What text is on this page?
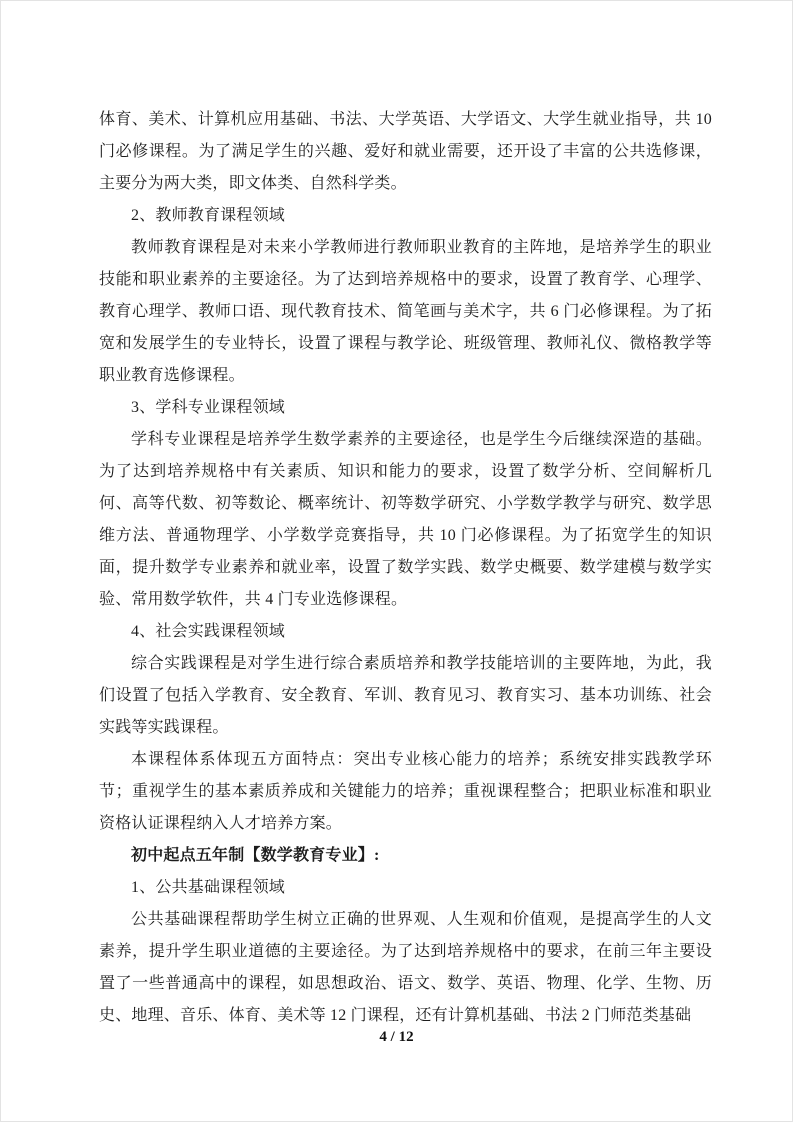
体育、美术、计算机应用基础、书法、大学英语、大学语文、大学生就业指导，共 10 门必修课程。为了满足学生的兴趣、爱好和就业需要，还开设了丰富的公共选修课，主要分为两大类，即文体类、自然科学类。

2、教师教育课程领域

教师教育课程是对未来小学教师进行教师职业教育的主阵地，是培养学生的职业技能和职业素养的主要途径。为了达到培养规格中的要求，设置了教育学、心理学、教育心理学、教师口语、现代教育技术、简笔画与美术字，共 6 门必修课程。为了拓宽和发展学生的专业特长，设置了课程与教学论、班级管理、教师礼仪、微格教学等职业教育选修课程。

3、学科专业课程领域

学科专业课程是培养学生数学素养的主要途径，也是学生今后继续深造的基础。为了达到培养规格中有关素质、知识和能力的要求，设置了数学分析、空间解析几何、高等代数、初等数论、概率统计、初等数学研究、小学数学教学与研究、数学思维方法、普通物理学、小学数学竞赛指导，共 10 门必修课程。为了拓宽学生的知识面，提升数学专业素养和就业率，设置了数学实践、数学史概要、数学建模与数学实验、常用数学软件，共 4 门专业选修课程。

4、社会实践课程领域

综合实践课程是对学生进行综合素质培养和教学技能培训的主要阵地，为此，我们设置了包括入学教育、安全教育、军训、教育见习、教育实习、基本功训练、社会实践等实践课程。

本课程体系体现五方面特点：突出专业核心能力的培养；系统安排实践教学环节；重视学生的基本素质养成和关键能力的培养；重视课程整合；把职业标准和职业资格认证课程纳入人才培养方案。

初中起点五年制【数学教育专业】:

1、公共基础课程领域

公共基础课程帮助学生树立正确的世界观、人生观和价值观，是提高学生的人文素养，提升学生职业道德的主要途径。为了达到培养规格中的要求，在前三年主要设置了一些普通高中的课程，如思想政治、语文、数学、英语、物理、化学、生物、历史、地理、音乐、体育、美术等 12 门课程，还有计算机基础、书法 2 门师范类基础

4 / 12
